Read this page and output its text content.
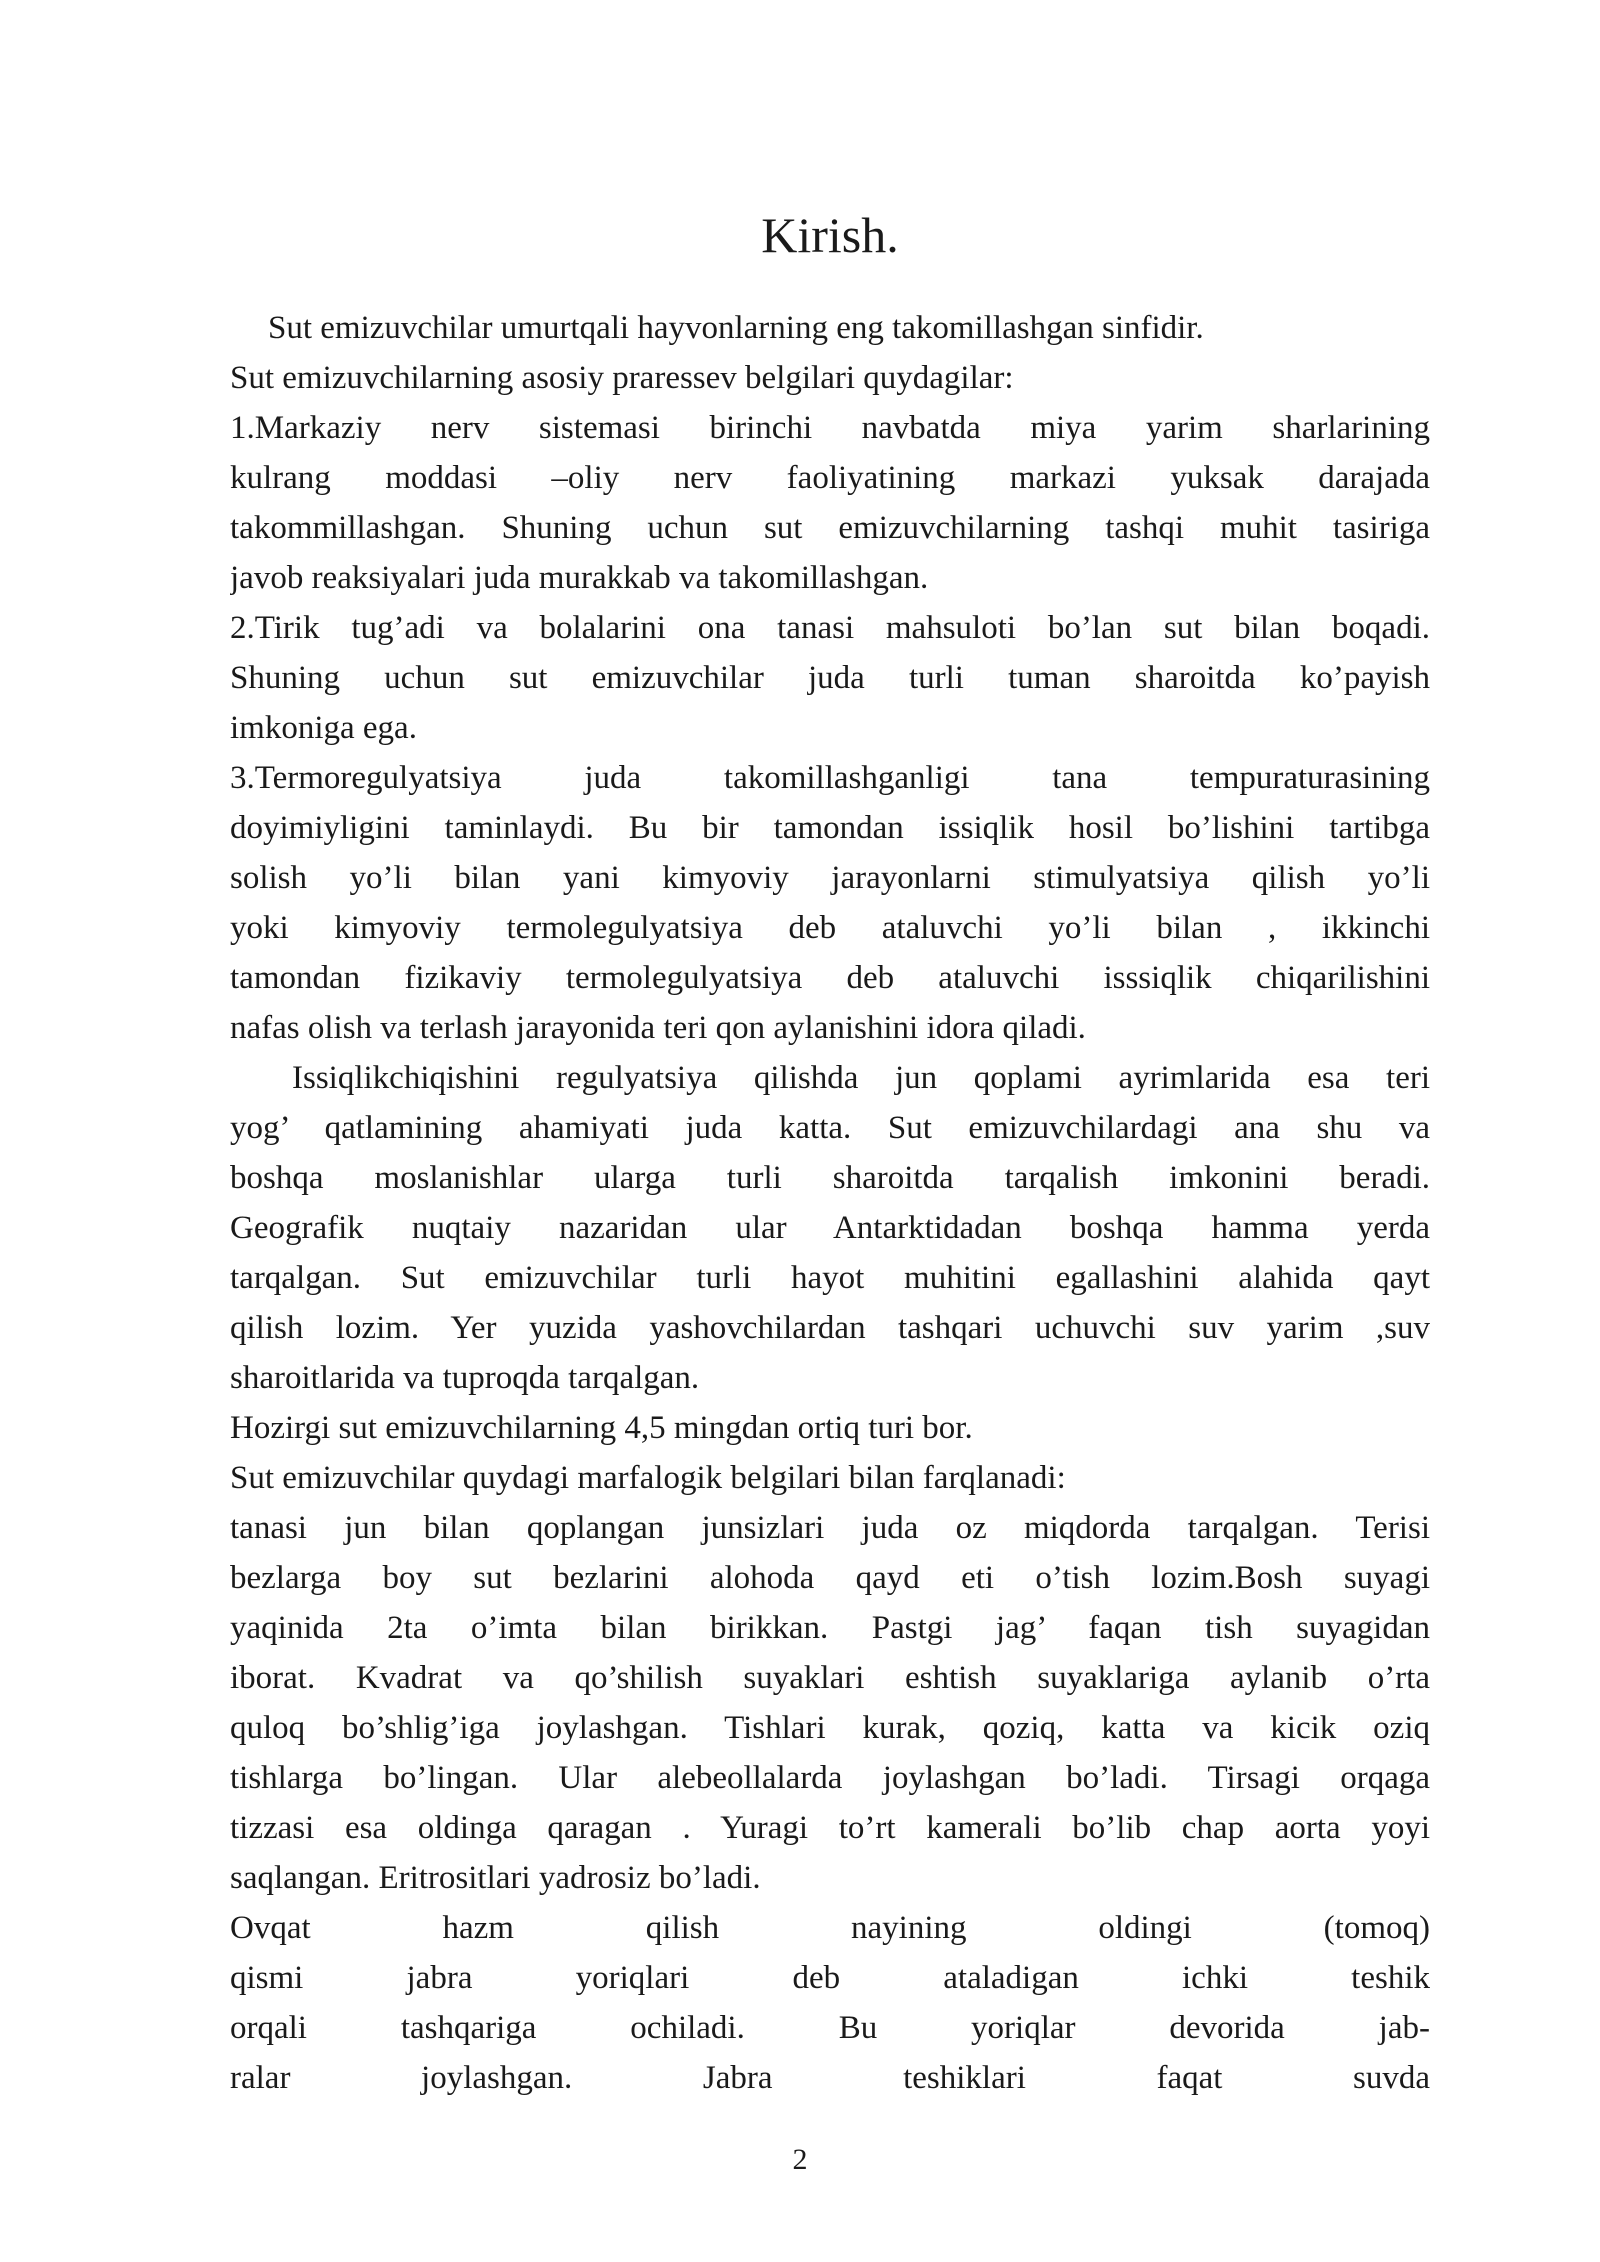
Kirish.
Sut emizuvchilar umurtqali hayvonlarning eng takomillashgan sinfidir.
Sut emizuvchilarning asosiy praressev belgilari quydagilar:
1.Markaziy nerv sistemasi birinchi navbatda miya yarim sharlarining
kulrang moddasi –oliy nerv faoliyatining markazi yuksak darajada
takommillashgan. Shuning uchun sut emizuvchilarning tashqi muhit tasiriga
javob reaksiyalari juda murakkab va takomillashgan.
2.Tirik tug’adi va bolalarini ona tanasi mahsuloti bo’lan sut bilan boqadi.
Shuning uchun sut emizuvchilar juda turli tuman sharoitda ko’payish
imkoniga ega.
3.Termoregulyatsiya juda takomillashganligi tana tempuraturasining
doyimiyligini taminlaydi. Bu bir tamondan issiqlik hosil bo’lishini tartibga
solish yo’li bilan yani kimyoviy jarayonlarni stimulyatsiya qilish yo’li
yoki kimyoviy termolegulyatsiya deb ataluvchi yo’li bilan , ikkinchi
tamondan fizikaviy termolegulyatsiya deb ataluvchi isssiqlik chiqarilishini
nafas olish va terlash jarayonida teri qon aylanishini idora qiladi.
Issiqlikchiqishini regulyatsiya qilishda jun qoplami ayrimlarida esa teri
yog’ qatlamining ahamiyati juda katta. Sut emizuvchilardagi ana shu va
boshqa moslanishlar ularga turli sharoitda tarqalish imkonini beradi.
Geografik nuqtaiy nazaridan ular Antarktidadan boshqa hamma yerda
tarqalgan. Sut emizuvchilar turli hayot muhitini egallashini alahida qayt
qilish lozim. Yer yuzida yashovchilardan tashqari uchuvchi suv yarim ,suv
sharoitlarida va tuproqda tarqalgan.
Hozirgi sut emizuvchilarning 4,5 mingdan ortiq turi bor.
Sut emizuvchilar quydagi marfalogik belgilari bilan farqlanadi:
tanasi jun bilan qoplangan junsizlari juda oz miqdorda tarqalgan. Terisi
bezlarga boy sut bezlarini alohoda qayd eti o’tish lozim.Bosh suyagi
yaqinida 2ta o’imta bilan birikkan. Pastgi jag’ faqan tish suyagidan
iborat. Kvadrat va qo’shilish suyaklari eshtish suyaklariga aylanib o’rta
quloq bo’shlig’iga joylashgan. Tishlari kurak, qoziq, katta va kicik oziq
tishlarga bo’lingan. Ular alebeollalarda joylashgan bo’ladi. Tirsagi orqaga
tizzasi esa oldinga qaragan . Yuragi to’rt kamerali bo’lib chap aorta yoyi
saqlangan. Eritrositlari yadrosiz bo’ladi.
Ovqat hazm qilish nayining oldingi (tomoq)
qismi jabra yoriqlari deb ataladigan ichki teshik
orqali tashqariga ochiladi. Bu yoriqlar devorida jab-
ralar joylashgan. Jabra teshiklari faqat suvda
2
